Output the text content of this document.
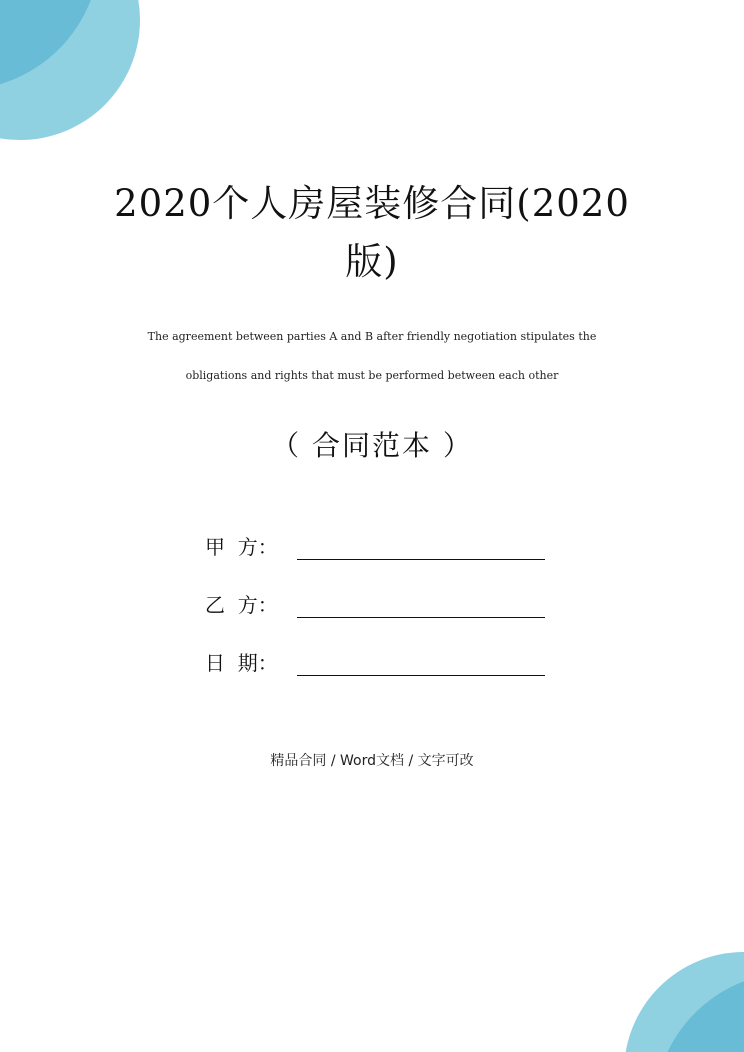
2020个人房屋装修合同(2020
版)
The agreement between parties A and B after friendly negotiation stipulates the
obligations and rights that must be performed between each other
（ 合同范本 ）
甲  方：
乙  方：
日  期：
精品合同 / Word文档 / 文字可改
